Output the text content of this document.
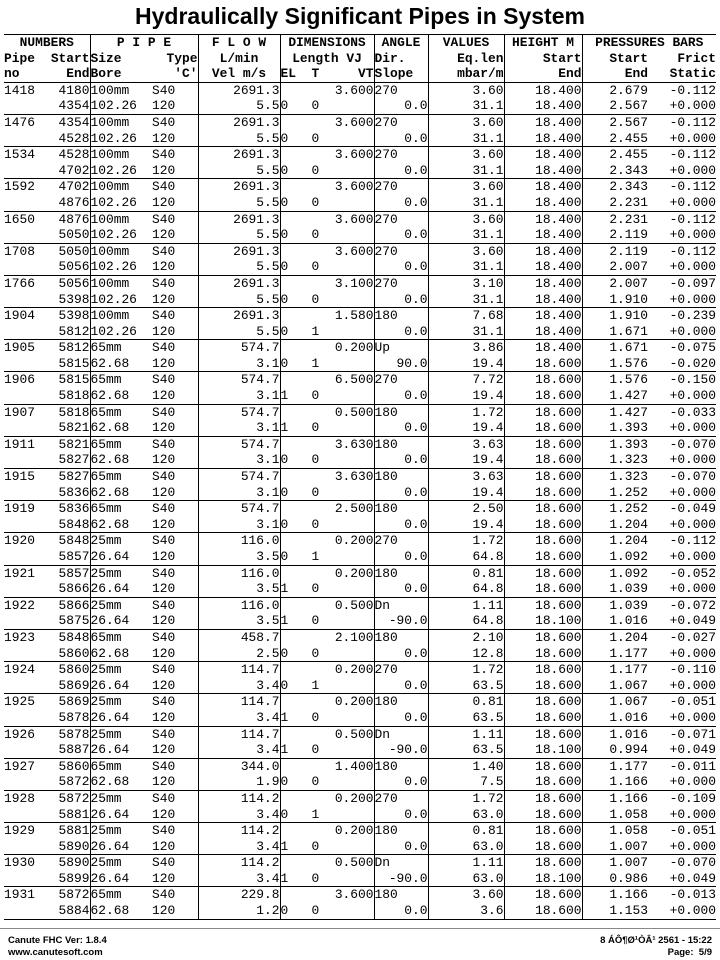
Hydraulically Significant Pipes in System
NUMBERS		P I P E		F L O W	DIMENSIONS	ANGLE	VALUES	HEIGHT M	PRESSURES BARS	
Pipe	Start	Size	Type	L/min	Length VJ	Dir.	Eq.len	Start	Start	Frict
no	End	Bore	'C'	Vel m/s	EL  T VT	Slope	mbar/m	End	End	Static
1418	4180	100mm	S40	2691.3	3.600	270	3.60	18.400	2.679	-0.112
	4354	102.26	120	5.5	0 0	0.0	31.1	18.400	2.567	+0.000
1476	4354	100mm	S40	2691.3	3.600	270	3.60	18.400	2.567	-0.112
	4528	102.26	120	5.5	0 0	0.0	31.1	18.400	2.455	+0.000
1534	4528	100mm	S40	2691.3	3.600	270	3.60	18.400	2.455	-0.112
	4702	102.26	120	5.5	0 0	0.0	31.1	18.400	2.343	+0.000
1592	4702	100mm	S40	2691.3	3.600	270	3.60	18.400	2.343	-0.112
	4876	102.26	120	5.5	0 0	0.0	31.1	18.400	2.231	+0.000
1650	4876	100mm	S40	2691.3	3.600	270	3.60	18.400	2.231	-0.112
	5050	102.26	120	5.5	0 0	0.0	31.1	18.400	2.119	+0.000
1708	5050	100mm	S40	2691.3	3.600	270	3.60	18.400	2.119	-0.112
	5056	102.26	120	5.5	0 0	0.0	31.1	18.400	2.007	+0.000
1766	5056	100mm	S40	2691.3	3.100	270	3.10	18.400	2.007	-0.097
	5398	102.26	120	5.5	0 0	0.0	31.1	18.400	1.910	+0.000
1904	5398	100mm	S40	2691.3	1.580	180	7.68	18.400	1.910	-0.239
	5812	102.26	120	5.5	0 1	0.0	31.1	18.400	1.671	+0.000
1905	5812	65mm	S40	574.7	0.200	Up	3.86	18.400	1.671	-0.075
	5815	62.68	120	3.1	0 1	90.0	19.4	18.600	1.576	-0.020
1906	5815	65mm	S40	574.7	6.500	270	7.72	18.600	1.576	-0.150
	5818	62.68	120	3.1	1 0	0.0	19.4	18.600	1.427	+0.000
1907	5818	65mm	S40	574.7	0.500	180	1.72	18.600	1.427	-0.033
	5821	62.68	120	3.1	1 0	0.0	19.4	18.600	1.393	+0.000
1911	5821	65mm	S40	574.7	3.630	180	3.63	18.600	1.393	-0.070
	5827	62.68	120	3.1	0 0	0.0	19.4	18.600	1.323	+0.000
1915	5827	65mm	S40	574.7	3.630	180	3.63	18.600	1.323	-0.070
	5836	62.68	120	3.1	0 0	0.0	19.4	18.600	1.252	+0.000
1919	5836	65mm	S40	574.7	2.500	180	2.50	18.600	1.252	-0.049
	5848	62.68	120	3.1	0 0	0.0	19.4	18.600	1.204	+0.000
1920	5848	25mm	S40	116.0	0.200	270	1.72	18.600	1.204	-0.112
	5857	26.64	120	3.5	0 1	0.0	64.8	18.600	1.092	+0.000
1921	5857	25mm	S40	116.0	0.200	180	0.81	18.600	1.092	-0.052
	5866	26.64	120	3.5	1 0	0.0	64.8	18.600	1.039	+0.000
1922	5866	25mm	S40	116.0	0.500	Dn	1.11	18.600	1.039	-0.072
	5875	26.64	120	3.5	1 0	-90.0	64.8	18.100	1.016	+0.049
1923	5848	65mm	S40	458.7	2.100	180	2.10	18.600	1.204	-0.027
	5860	62.68	120	2.5	0 0	0.0	12.8	18.600	1.177	+0.000
1924	5860	25mm	S40	114.7	0.200	270	1.72	18.600	1.177	-0.110
	5869	26.64	120	3.4	0 1	0.0	63.5	18.600	1.067	+0.000
1925	5869	25mm	S40	114.7	0.200	180	0.81	18.600	1.067	-0.051
	5878	26.64	120	3.4	1 0	0.0	63.5	18.600	1.016	+0.000
1926	5878	25mm	S40	114.7	0.500	Dn	1.11	18.600	1.016	-0.071
	5887	26.64	120	3.4	1 0	-90.0	63.5	18.100	0.994	+0.049
1927	5860	65mm	S40	344.0	1.400	180	1.40	18.600	1.177	-0.011
	5872	62.68	120	1.9	0 0	0.0	7.5	18.600	1.166	+0.000
1928	5872	25mm	S40	114.2	0.200	270	1.72	18.600	1.166	-0.109
	5881	26.64	120	3.4	0 1	0.0	63.0	18.600	1.058	+0.000
1929	5881	25mm	S40	114.2	0.200	180	0.81	18.600	1.058	-0.051
	5890	26.64	120	3.4	1 0	0.0	63.0	18.600	1.007	+0.000
1930	5890	25mm	S40	114.2	0.500	Dn	1.11	18.600	1.007	-0.070
	5899	26.64	120	3.4	1 0	-90.0	63.0	18.100	0.986	+0.049
1931	5872	65mm	S40	229.8	3.600	180	3.60	18.600	1.166	-0.013
	5884	62.68	120	1.2	0 0	0.0	3.6	18.600	1.153	+0.000
Canute FHC Ver: 1.8.4	8 ÁÔ¶Ø¹ÒÂ¹ 2561 - 15:22
www.canutesoft.com	Page: 5/9
